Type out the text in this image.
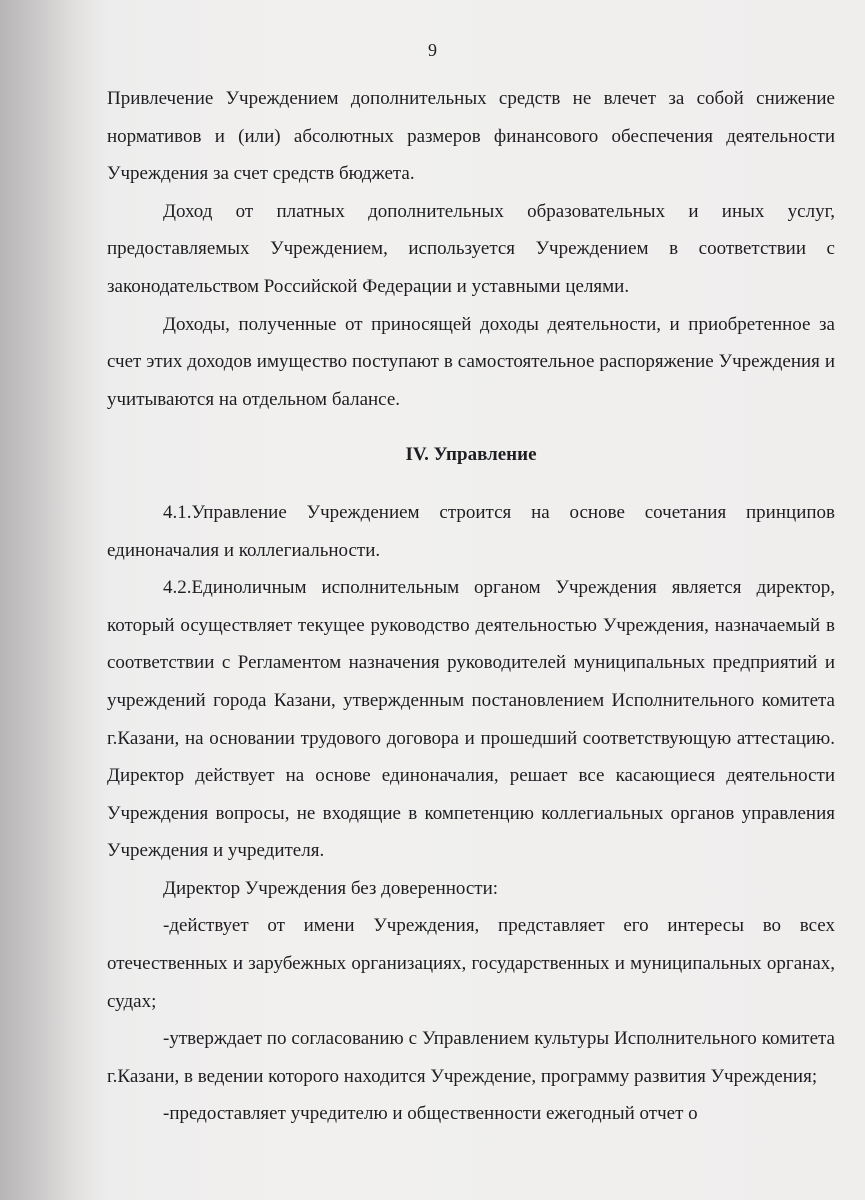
9

Привлечение Учреждением дополнительных средств не влечет за собой снижение нормативов и (или) абсолютных размеров финансового обеспечения деятельности Учреждения за счет средств бюджета.

Доход от платных дополнительных образовательных и иных услуг, предоставляемых Учреждением, используется Учреждением в соответствии с законодательством Российской Федерации и уставными целями.

Доходы, полученные от приносящей доходы деятельности, и приобретенное за счет этих доходов имущество поступают в самостоятельное распоряжение Учреждения и учитываются на отдельном балансе.

IV. Управление

4.1.Управление Учреждением строится на основе сочетания принципов единоначалия и коллегиальности.

4.2.Единоличным исполнительным органом Учреждения является директор, который осуществляет текущее руководство деятельностью Учреждения, назначаемый в соответствии с Регламентом назначения руководителей муниципальных предприятий и учреждений города Казани, утвержденным постановлением Исполнительного комитета г.Казани, на основании трудового договора и прошедший соответствующую аттестацию. Директор действует на основе единоначалия, решает все касающиеся деятельности Учреждения вопросы, не входящие в компетенцию коллегиальных органов управления Учреждения и учредителя.

Директор Учреждения без доверенности:

-действует от имени Учреждения, представляет его интересы во всех отечественных и зарубежных организациях, государственных и муниципальных органах, судах;

-утверждает по согласованию с Управлением культуры Исполнительного комитета г.Казани, в ведении которого находится Учреждение, программу развития Учреждения;

-предоставляет учредителю и общественности ежегодный отчет о
